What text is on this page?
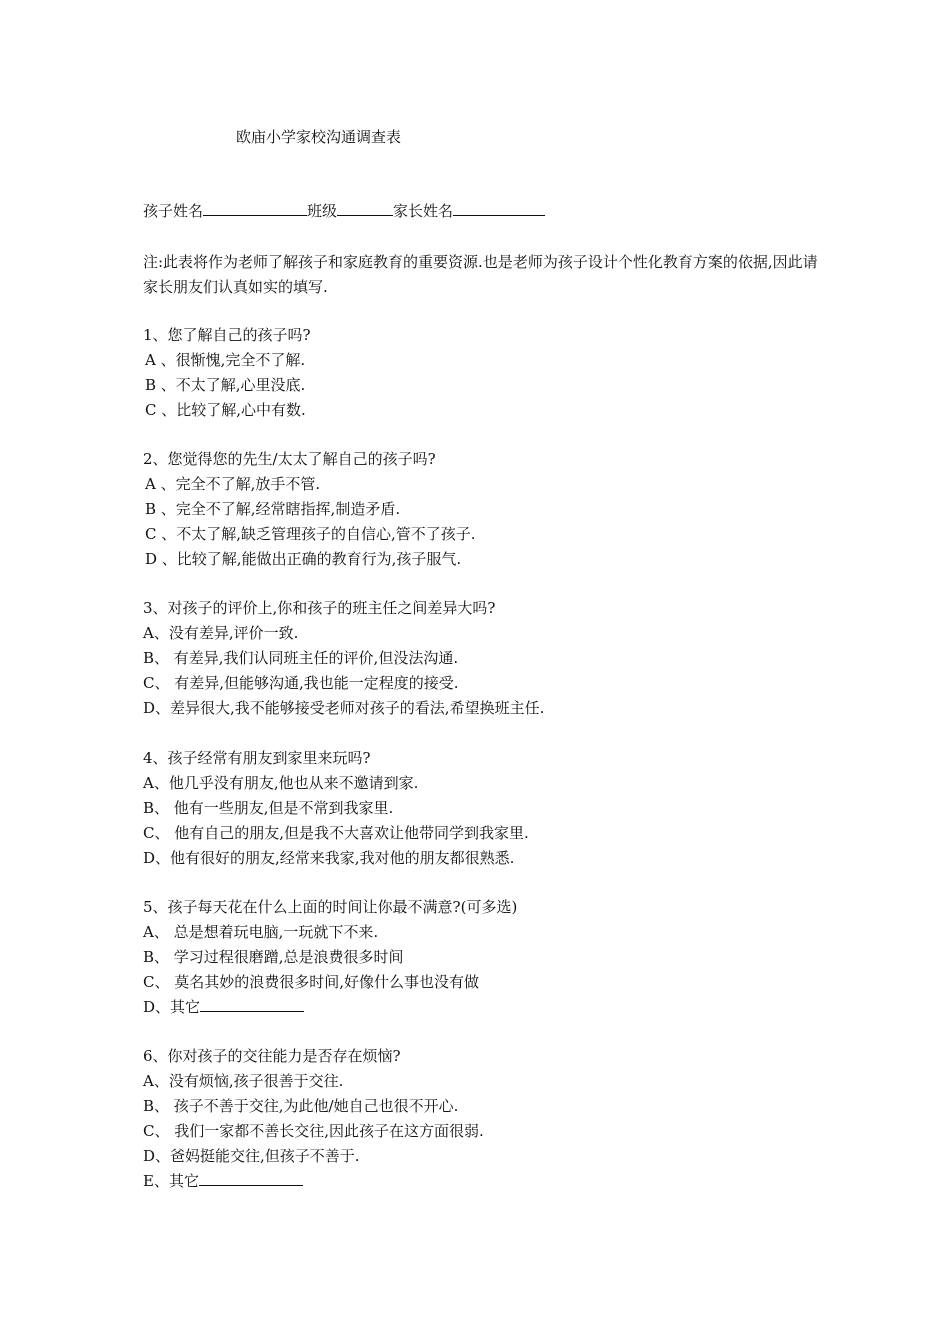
欧庙小学家校沟通调查表
孩子姓名	班级	家长姓名
注:此表将作为老师了解孩子和家庭教育的重要资源.也是老师为孩子设计个性化教育方案的依据,因此请家长朋友们认真如实的填写.
1、您了解自己的孩子吗?
A 、很惭愧,完全不了解.
B 、不太了解,心里没底.
C 、比较了解,心中有数.
2、您觉得您的先生/太太了解自己的孩子吗?
A 、完全不了解,放手不管.
B 、完全不了解,经常瞎指挥,制造矛盾.
C 、不太了解,缺乏管理孩子的自信心,管不了孩子.
D 、比较了解,能做出正确的教育行为,孩子服气.
3、对孩子的评价上,你和孩子的班主任之间差异大吗?
A、没有差异,评价一致.
B、 有差异,我们认同班主任的评价,但没法沟通.
C、 有差异,但能够沟通,我也能一定程度的接受.
D、差异很大,我不能够接受老师对孩子的看法,希望换班主任.
4、孩子经常有朋友到家里来玩吗?
A、他几乎没有朋友,他也从来不邀请到家.
B、 他有一些朋友,但是不常到我家里.
C、 他有自己的朋友,但是我不大喜欢让他带同学到我家里.
D、他有很好的朋友,经常来我家,我对他的朋友都很熟悉.
5、孩子每天花在什么上面的时间让你最不满意?(可多选)
A、 总是想着玩电脑,一玩就下不来.
B、 学习过程很磨蹭,总是浪费很多时间
C、 莫名其妙的浪费很多时间,好像什么事也没有做
D、其它
6、你对孩子的交往能力是否存在烦恼?
A、没有烦恼,孩子很善于交往.
B、 孩子不善于交往,为此他/她自己也很不开心.
C、 我们一家都不善长交往,因此孩子在这方面很弱.
D、爸妈挺能交往,但孩子不善于.
E、其它
